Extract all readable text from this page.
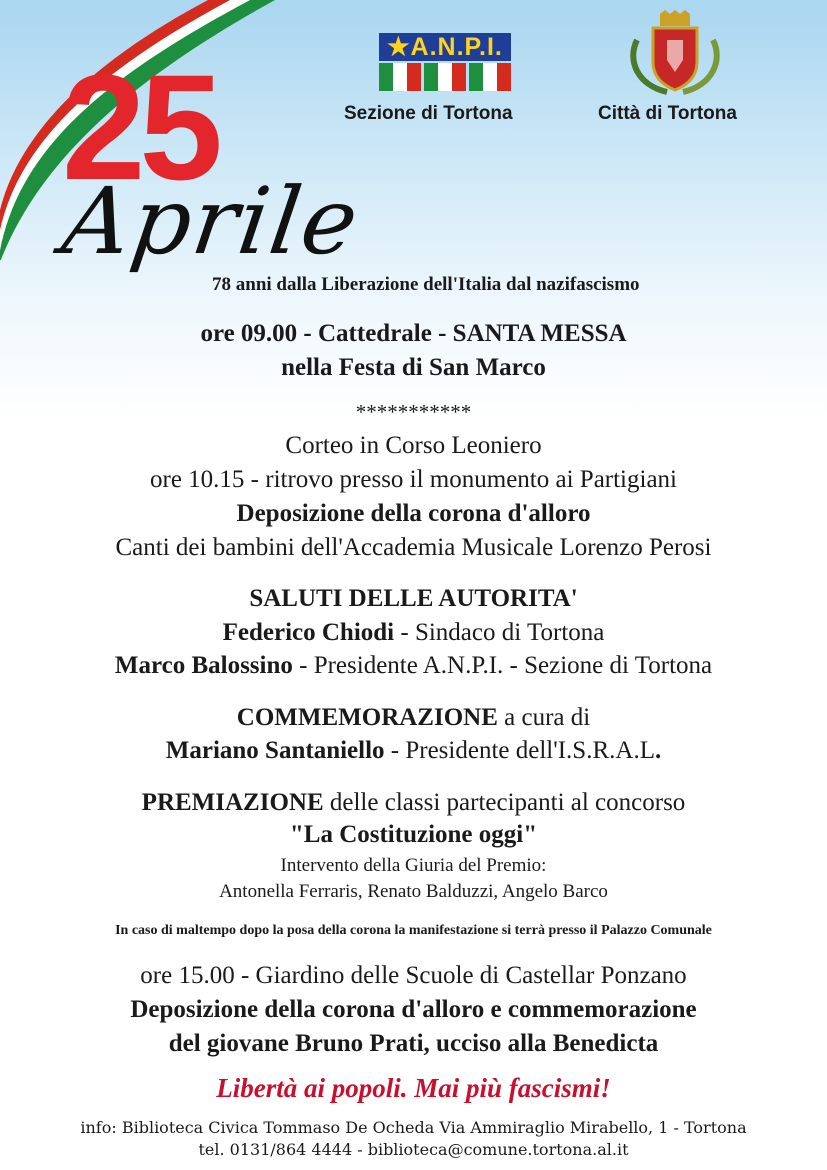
25
Aprile
★A.N.P.I.
Sezione di Tortona	Città di Tortona
78 anni dalla Liberazione dell'Italia dal nazifascismo
ore 09.00 - Cattedrale - SANTA MESSA
nella Festa di San Marco
***********
Corteo in Corso Leoniero
ore 10.15 - ritrovo presso il monumento ai Partigiani
Deposizione della corona d'alloro
Canti dei bambini dell'Accademia Musicale Lorenzo Perosi
SALUTI DELLE AUTORITA'
Federico Chiodi - Sindaco di Tortona
Marco Balossino - Presidente A.N.P.I. - Sezione di Tortona
COMMEMORAZIONE a cura di
Mariano Santaniello - Presidente dell'I.S.R.A.L.
PREMIAZIONE delle classi partecipanti al concorso
"La Costituzione oggi"
Intervento della Giuria del Premio:
Antonella Ferraris, Renato Balduzzi, Angelo Barco
In caso di maltempo dopo la posa della corona la manifestazione si terrà presso il Palazzo Comunale
ore 15.00 - Giardino delle Scuole di Castellar Ponzano
Deposizione della corona d'alloro e commemorazione
del giovane Bruno Prati, ucciso alla Benedicta
Libertà ai popoli. Mai più fascismi!
info: Biblioteca Civica Tommaso De Ocheda Via Ammiraglio Mirabello, 1 - Tortona
tel. 0131/864 4444 - biblioteca@comune.tortona.al.it
